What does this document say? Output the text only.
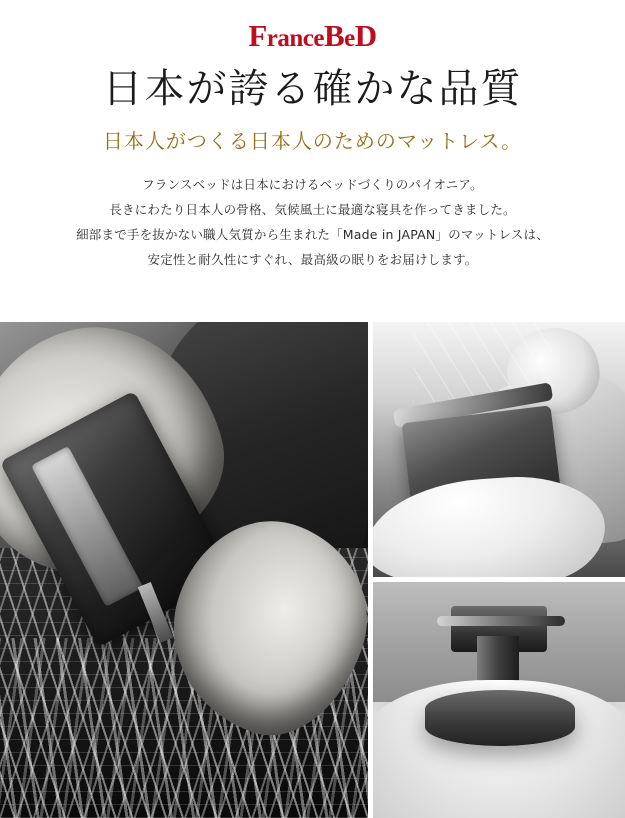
FranceBeD
日本が誇る確かな品質
日本人がつくる日本人のためのマットレス。

フランスベッドは日本におけるベッドづくりのパイオニア。

長きにわたり日本人の骨格、気候風土に最適な寝具を作ってきました。

細部まで手を抜かない職人気質から生まれた「Made in JAPAN」のマットレスは、

安定性と耐久性にすぐれ、最高級の眠りをお届けします。
